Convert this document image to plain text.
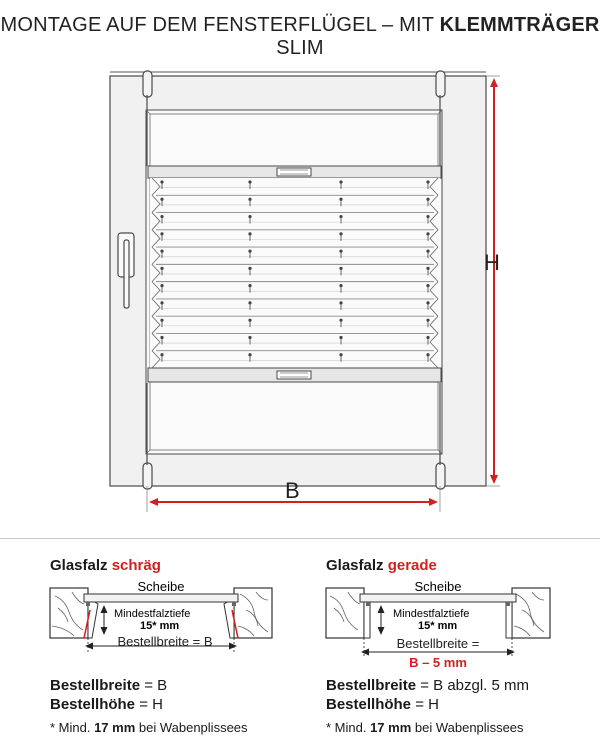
MONTAGE AUF DEM FENSTERFLÜGEL – MIT KLEMMTRÄGER SLIM
H
B
Scheibe
Mindestfalztiefe
15* mm
Bestellbreite = B
Scheibe
Mindestfalztiefe
15* mm
Bestellbreite =
B – 5 mm
Glasfalz schräg
Bestellbreite = B
Bestellhöhe = H
* Mind. 17 mm bei Wabenplissees
Glasfalz gerade
Bestellbreite = B abzgl. 5 mm
Bestellhöhe = H
* Mind. 17 mm bei Wabenplissees
